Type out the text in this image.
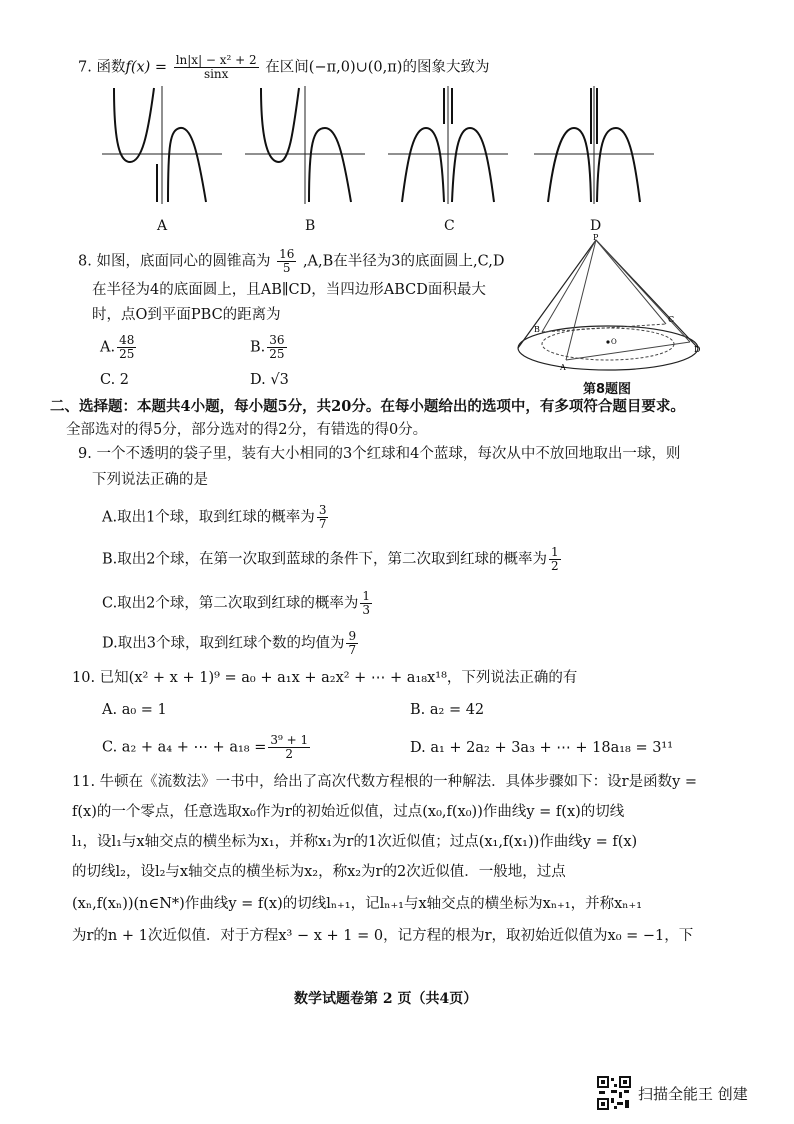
7. 函数$f(x) = \frac{\text{ln|x| − x² + 2}}{\sin x}$ 在区间(−π,0)∪(0,π)的图象大致为
A	B	C	D
8. 如图，底面同心的圆锥高为 $\frac{16}{5} ,A,B$在半径为3的底面圆上,C,D
在半径为4的底面圆上，且AB∥CD，当四边形ABCD面积最大
时，点O到平面PBC的距离为
A. $\frac{48}{25}$	B. $\frac{36}{25}$
C. 2	D. √3
P
A
B
C
D
O
第8题图
二、选择题：本题共4小题，每小题5分，共20分。在每小题给出的选项中，有多项符合题目要求。
全部选对的得5分，部分选对的得2分，有错选的得0分。
9. 一个不透明的袋子里，装有大小相同的3个红球和4个蓝球，每次从中不放回地取出一球，则
下列说法正确的是
A.取出1个球，取到红球的概率为 $\frac{3}{7}$
B.取出2个球，在第一次取到蓝球的条件下，第二次取到红球的概率为 $\frac{1}{2}$
C.取出2个球，第二次取到红球的概率为 $\frac{1}{3}$
D.取出3个球，取到红球个数的均值为 $\frac{9}{7}$
10. 已知(x² + x + 1)⁹ = a₀ + a₁x + a₂x² + ⋯ + a₁₈x¹⁸，下列说法正确的有
A. a₀ = 1	B. a₂ = 42
C. a₂ + a₄ + ⋯ + $a_{18} = \frac{\text{3⁹ + 1}}{2}$	D. a₁ + 2a₂ + 3a₃ + ⋯ + 18a₁₈ = 3¹¹
11. 牛顿在《流数法》一书中，给出了高次代数方程根的一种解法．具体步骤如下：设r是函数y =
f(x)的一个零点，任意选取x₀作为r的初始近似值，过点(x₀,f(x₀))作曲线y = f(x)的切线
l₁，设l₁与x轴交点的横坐标为x₁，并称x₁为r的1次近似值；过点(x₁,f(x₁))作曲线y = f(x)
的切线l₂，设l₂与x轴交点的横坐标为x₂，称x₂为r的2次近似值．一般地，过点
(xₙ,f(xₙ))(n∈N*)作曲线y = f(x)的切线lₙ₊₁，记lₙ₊₁与x轴交点的横坐标为xₙ₊₁，并称xₙ₊₁
为r的n + 1次近似值．对于方程x³ − x + 1 = 0，记方程的根为r，取初始近似值为x₀ = −1，下
数学试题卷第 2 页（共4页）
扫描全能王 创建
